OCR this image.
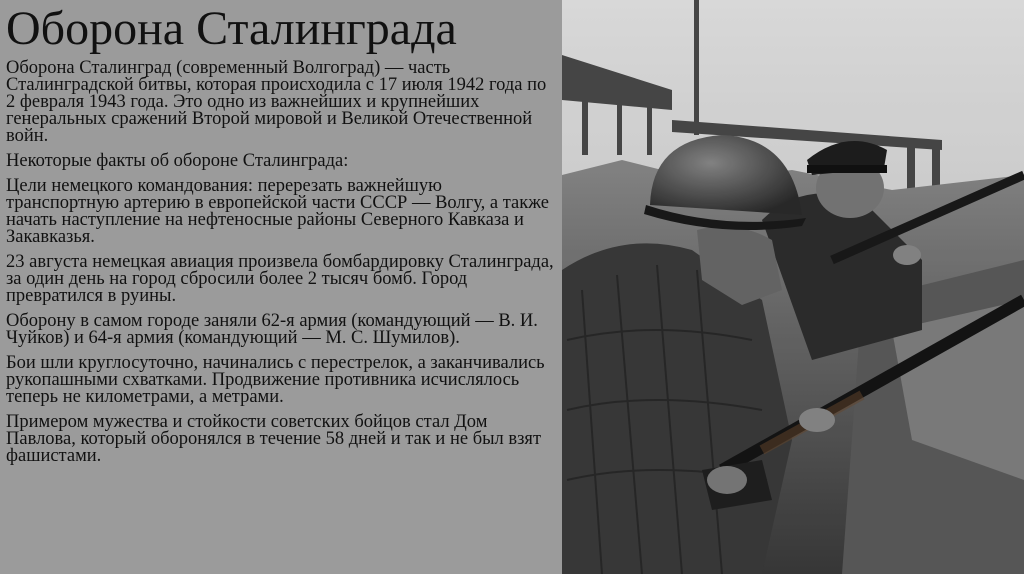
Оборона Сталинграда

Оборона Сталинград (современный Волгоград) — часть Сталинградской битвы, которая происходила с 17 июля 1942 года по 2 февраля 1943 года. Это одно из важнейших и крупнейших генеральных сражений Второй мировой и Великой Отечественной войн.

Некоторые факты об обороне Сталинграда:

Цели немецкого командования: перерезать важнейшую транспортную артерию в европейской части СССР — Волгу, а также начать наступление на нефтеносные районы Северного Кавказа и Закавказья.

23 августа немецкая авиация произвела бомбардировку Сталинграда, за один день на город сбросили более 2 тысяч бомб. Город превратился в руины.

Оборону в самом городе заняли 62-я армия (командующий — В. И. Чуйков) и 64-я армия (командующий — М. С. Шумилов).

Бои шли круглосуточно, начинались с перестрелок, а заканчивались рукопашными схватками. Продвижение противника исчислялось теперь не километрами, а метрами.

Примером мужества и стойкости советских бойцов стал Дом Павлова, который оборонялся в течение 58 дней и так и не был взят фашистами.
